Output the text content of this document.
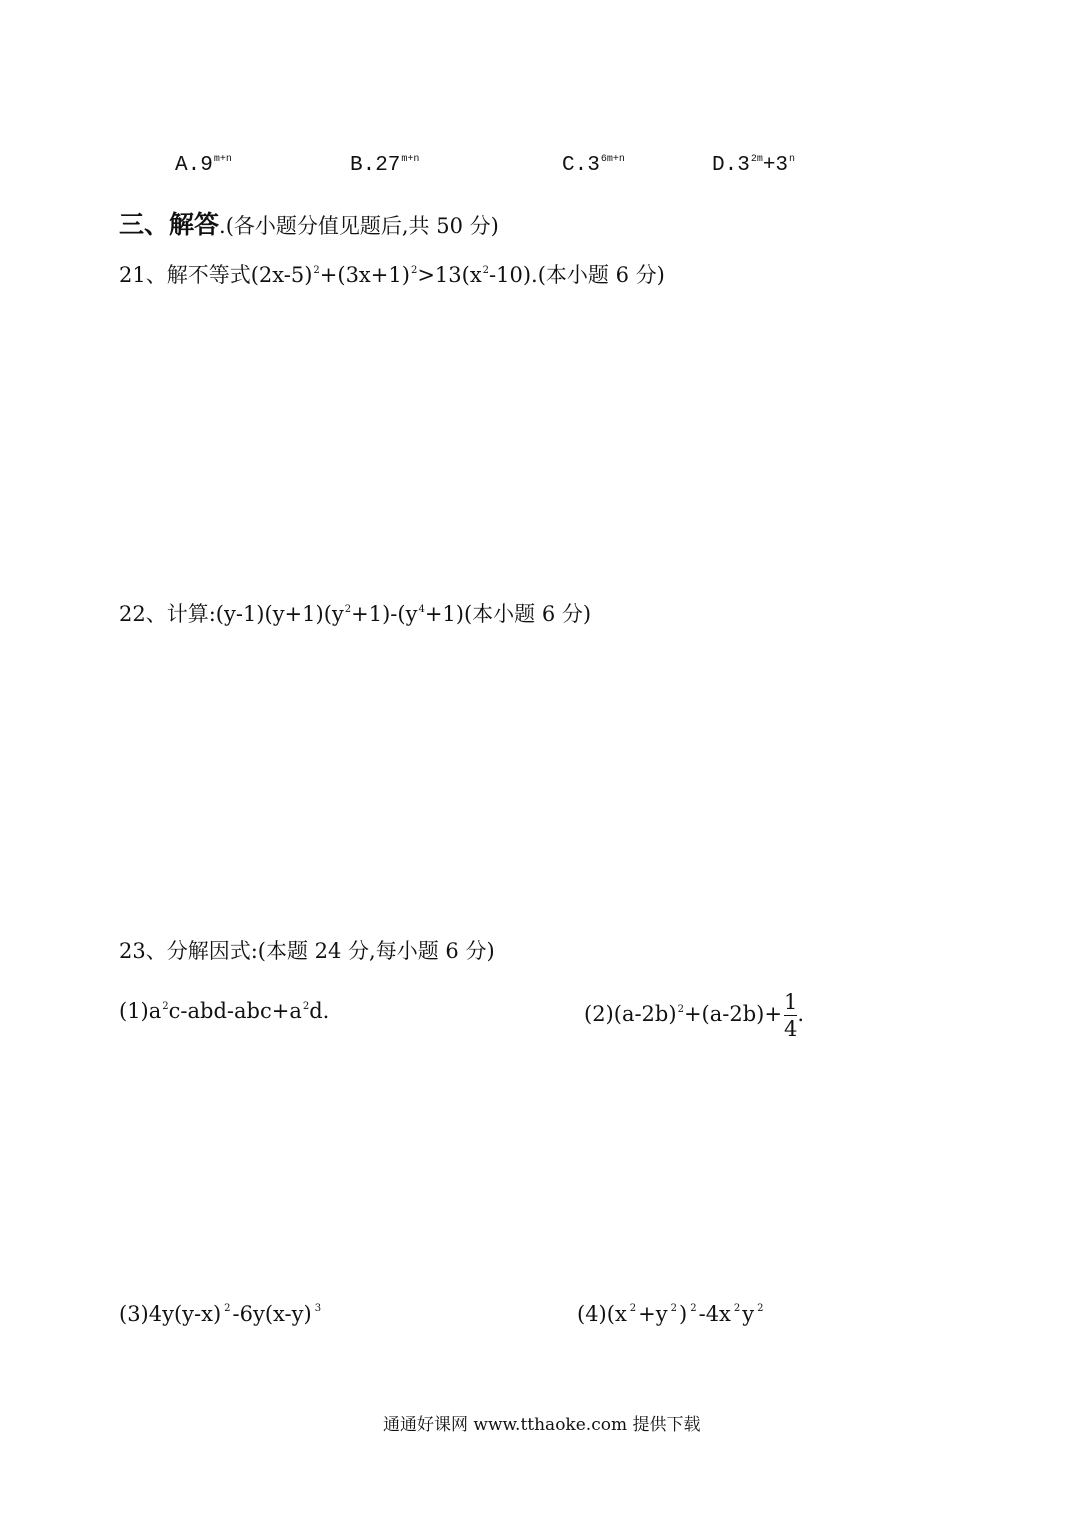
$A.9^{m+n}$	$B.27^{m+n}$	$C.3^{6m+n}$	$D.3^{2m}+3^n$
三、解答.(各小题分值见题后,共 50 分)
21、解不等式$(2x-5)^2+(3x+1)^2>13(x^2-10)$.(本小题 6 分)
22、计算$:(y-1)(y+1)(y^2+1)-(y^4+1)$(本小题 6 分)
23、分解因式:(本题 24 分,每小题 6 分)
$(1)a^2c-abd-abc+a^2d$.	$(2)(a-2b)^2+(a-2b)+ \frac{1}{4}$ .
(3)4y(y-x) $^2$-6y(x-y) $^3$	(4)(x $^2$+y $^2$) $^2$-4x $^2$y $^2$
通通好课网 www.tthaoke.com 提供下载
